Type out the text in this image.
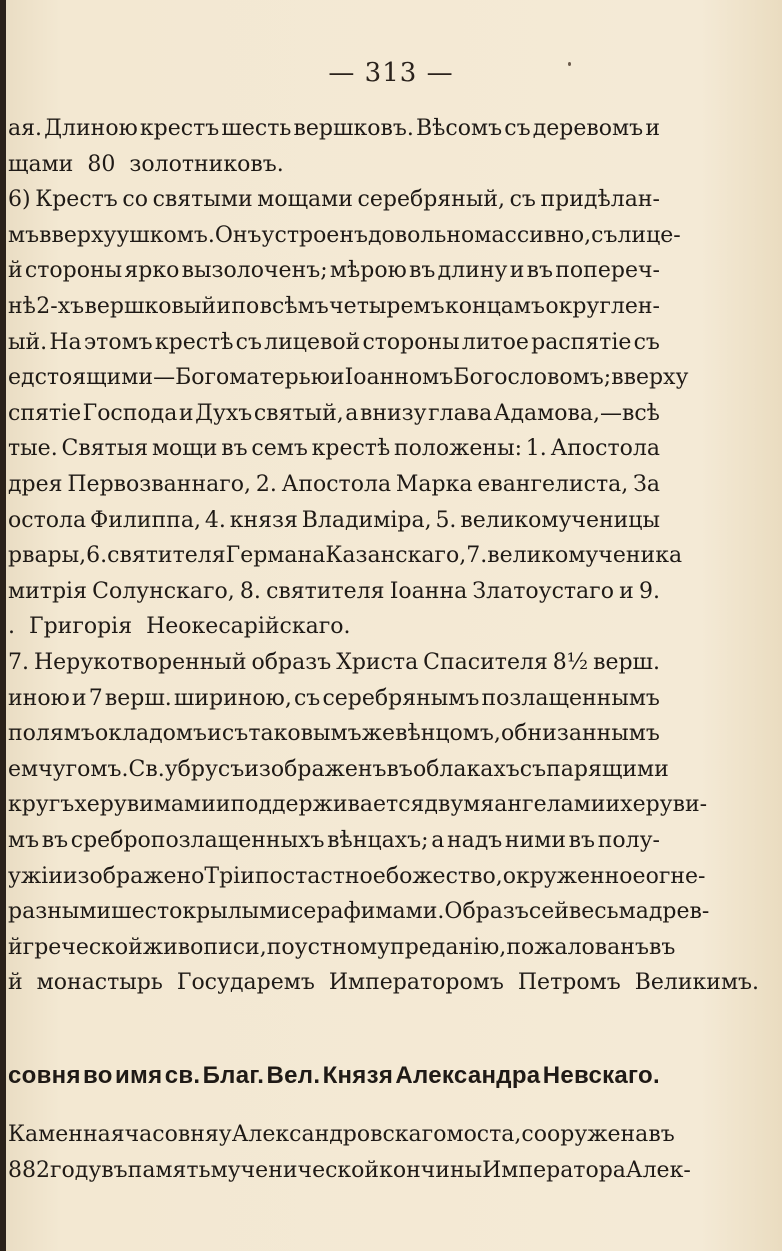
— 313 —
ая. Длиною крестъ шесть вершковъ. Вѣсомъ съ деревомъ и
щами 80 золотниковъ.
6) Крестъ со святыми мощами серебряный, съ придѣлан-
мъ вверху ушкомъ. Онъ устроенъ довольно массивно, съ лице-
й стороны ярко вызолоченъ; мѣрою въ длину и въ попереч-
нѣ 2-хъ вершковый и по всѣмъ четыремъ концамъ округлен-
ый. На этомъ крестѣ съ лицевой стороны литое распятіе съ
едстоящими—Богоматерью и Іоанномъ Богословомъ; вверху
спятіе Господа и Духъ святый, а внизу глава Адамова,—всѣ
тые. Святыя мощи въ семъ крестѣ положены: 1. Апостола
дрея Первозваннаго, 2. Апостола Марка евангелиста, За
остола Филиппа, 4. князя Владиміра, 5. великомученицы
рвары, 6. святителя Германа Казанскаго, 7. великомученика
митрія Солунскаго, 8. святителя Іоанна Златоустаго и 9.
. Григорія Неокесарійскаго.
7. Нерукотворенный образъ Христа Спасителя 8½ верш.
иною и 7 верш. шириною, съ серебрянымъ позлащеннымъ
полямъ окладомъ и съ таковымъ же вѣнцомъ, обнизаннымъ
емчугомъ. Св. убрусъ изображенъ въ облакахъ съ парящими
кругъ херувимами и поддерживается двумя ангелами и херуви-
мъ въ сребропозлащенныхъ вѣнцахъ; а надъ ними въ полу-
ужіи изображено Тріипостастное божество, окруженное огне-
разными шестокрылыми серафимами. Образъ сей весьма древ-
й греческой живописи, по устному преданію, пожалованъ въ
й монастырь Государемъ Императоромъ Петромъ Великимъ.
совня во имя св. Благ. Вел. Князя Александра Невскаго.
Каменная часовня у Александровскаго моста, сооружена въ
882 году въ память мученической кончины Императора Алек-
